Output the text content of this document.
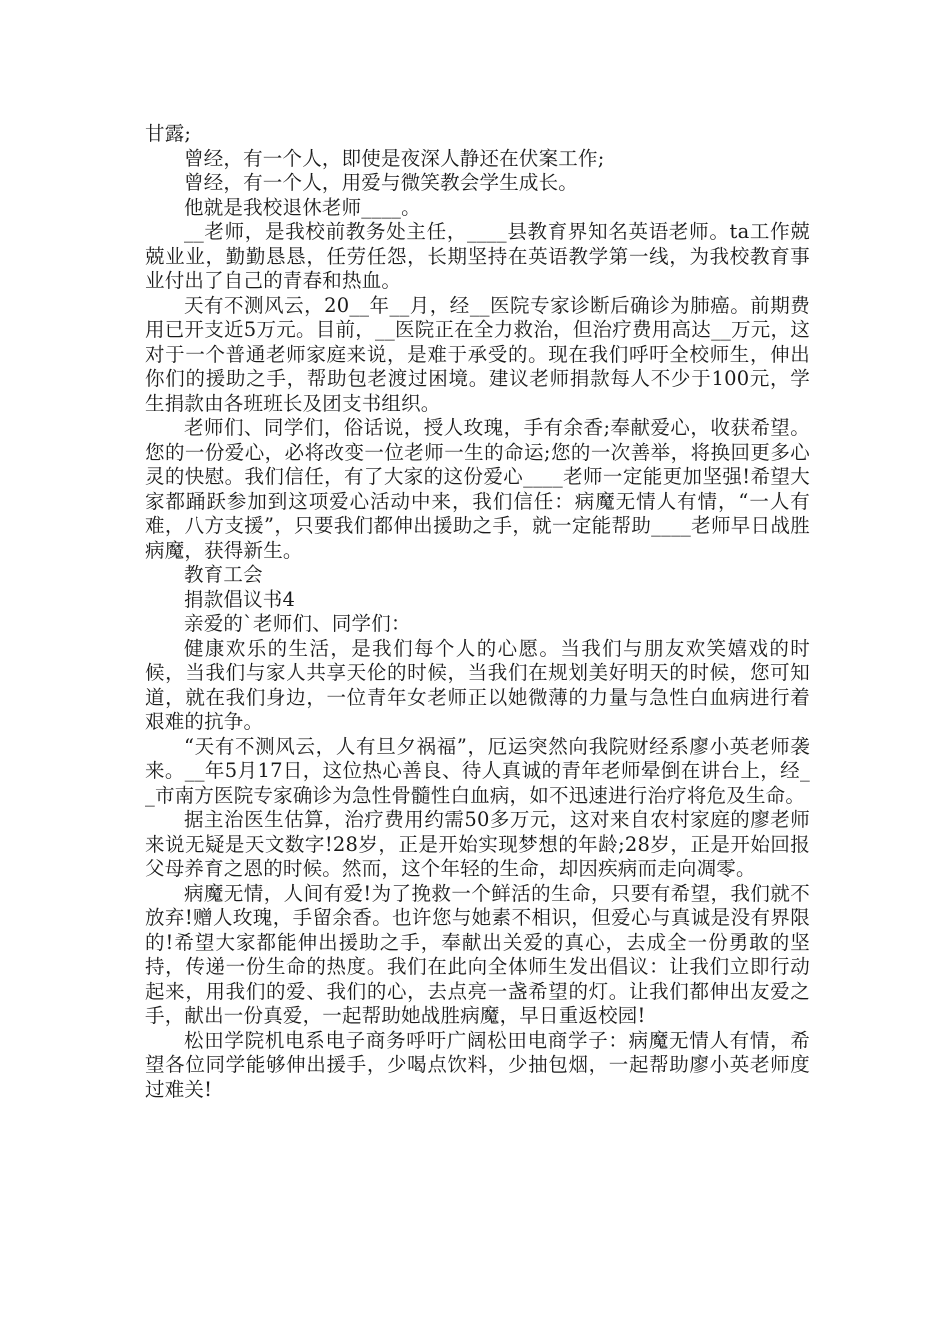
甘露;

曾经，有一个人，即使是夜深人静还在伏案工作;

曾经，有一个人，用爱与微笑教会学生成长。

他就是我校退休老师____。

__老师，是我校前教务处主任，____县教育界知名英语老师。ta工作兢兢业业，勤勤恳恳，任劳任怨，长期坚持在英语教学第一线，为我校教育事业付出了自己的青春和热血。

天有不测风云，20__年__月，经__医院专家诊断后确诊为肺癌。前期费用已开支近5万元。目前，__医院正在全力救治，但治疗费用高达__万元，这对于一个普通老师家庭来说，是难于承受的。现在我们呼吁全校师生，伸出你们的援助之手，帮助包老渡过困境。建议老师捐款每人不少于100元，学生捐款由各班班长及团支书组织。

老师们、同学们，俗话说，授人玫瑰，手有余香;奉献爱心，收获希望。您的一份爱心，必将改变一位老师一生的命运;您的一次善举，将换回更多心灵的快慰。我们信任，有了大家的这份爱心____老师一定能更加坚强!希望大家都踊跃参加到这项爱心活动中来，我们信任：病魔无情人有情，“一人有难，八方支援”，只要我们都伸出援助之手，就一定能帮助____老师早日战胜病魔，获得新生。

教育工会

捐款倡议书4

亲爱的`老师们、同学们：

健康欢乐的生活，是我们每个人的心愿。当我们与朋友欢笑嬉戏的时候，当我们与家人共享天伦的时候，当我们在规划美好明天的时候，您可知道，就在我们身边，一位青年女老师正以她微薄的力量与急性白血病进行着艰难的抗争。

“天有不测风云，人有旦夕祸福”，厄运突然向我院财经系廖小英老师袭来。__年5月17日，这位热心善良、待人真诚的青年老师晕倒在讲台上，经__市南方医院专家确诊为急性骨髓性白血病，如不迅速进行治疗将危及生命。

据主治医生估算，治疗费用约需50多万元，这对来自农村家庭的廖老师来说无疑是天文数字!28岁，正是开始实现梦想的年龄;28岁，正是开始回报父母养育之恩的时候。然而，这个年轻的生命，却因疾病而走向凋零。

病魔无情，人间有爱!为了挽救一个鲜活的生命，只要有希望，我们就不放弃!赠人玫瑰，手留余香。也许您与她素不相识，但爱心与真诚是没有界限的!希望大家都能伸出援助之手，奉献出关爱的真心，去成全一份勇敢的坚持，传递一份生命的热度。我们在此向全体师生发出倡议：让我们立即行动起来，用我们的爱、我们的心，去点亮一盏希望的灯。让我们都伸出友爱之手，献出一份真爱，一起帮助她战胜病魔，早日重返校园!

松田学院机电系电子商务呼吁广阔松田电商学子：病魔无情人有情，希望各位同学能够伸出援手，少喝点饮料，少抽包烟，一起帮助廖小英老师度过难关!
